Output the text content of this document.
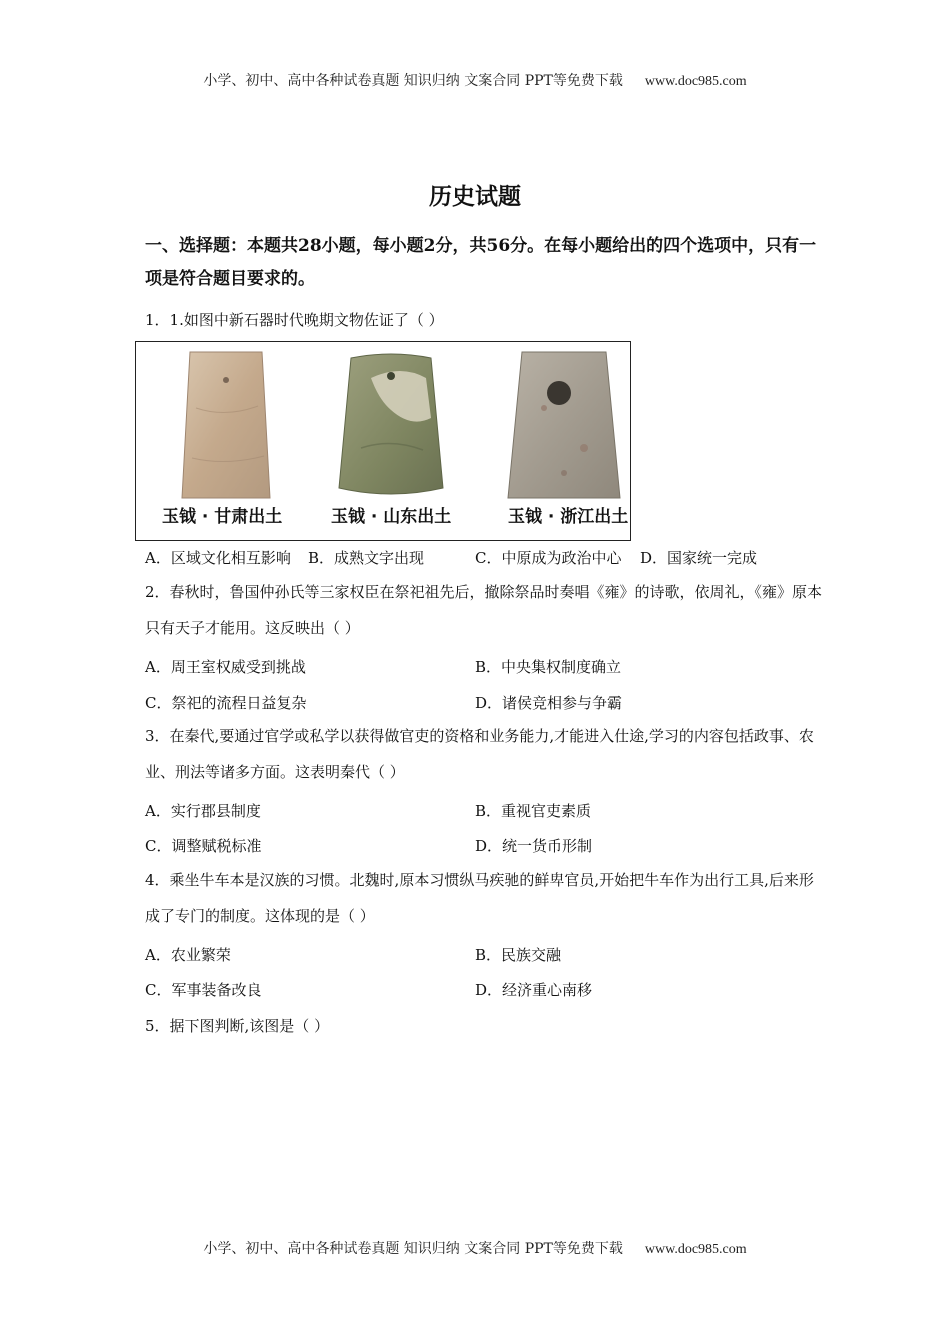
小学、初中、高中各种试卷真题 知识归纳 文案合同 PPT等免费下载 www.doc985.com
历史试题
一、选择题：本题共28小题，每小题2分，共56分。在每小题给出的四个选项中，只有一项是符合题目要求的。
1．1.如图中新石器时代晚期文物佐证了（ ）
玉钺 · 甘肃出土	玉钺 · 山东出土	玉钺 · 浙江出土
A．区域文化相互影响 B．成熟文字出现	C．中原成为政治中心 D．国家统一完成
2．春秋时，鲁国仲孙氏等三家权臣在祭祀祖先后，撤除祭品时奏唱《雍》的诗歌，依周礼，《雍》原本只有天子才能用。这反映出（ ）
A．周王室权威受到挑战	B．中央集权制度确立
C．祭祀的流程日益复杂	D．诸侯竞相参与争霸
3．在秦代,要通过官学或私学以获得做官吏的资格和业务能力,才能进入仕途,学习的内容包括政事、农业、刑法等诸多方面。这表明秦代（ ）
A．实行郡县制度	B．重视官吏素质
C．调整赋税标准	D．统一货币形制
4．乘坐牛车本是汉族的习惯。北魏时,原本习惯纵马疾驰的鲜卑官员,开始把牛车作为出行工具,后来形成了专门的制度。这体现的是（ ）
A．农业繁荣	B．民族交融
C．军事装备改良	D．经济重心南移
5．据下图判断,该图是（ ）
小学、初中、高中各种试卷真题 知识归纳 文案合同 PPT等免费下载 www.doc985.com
